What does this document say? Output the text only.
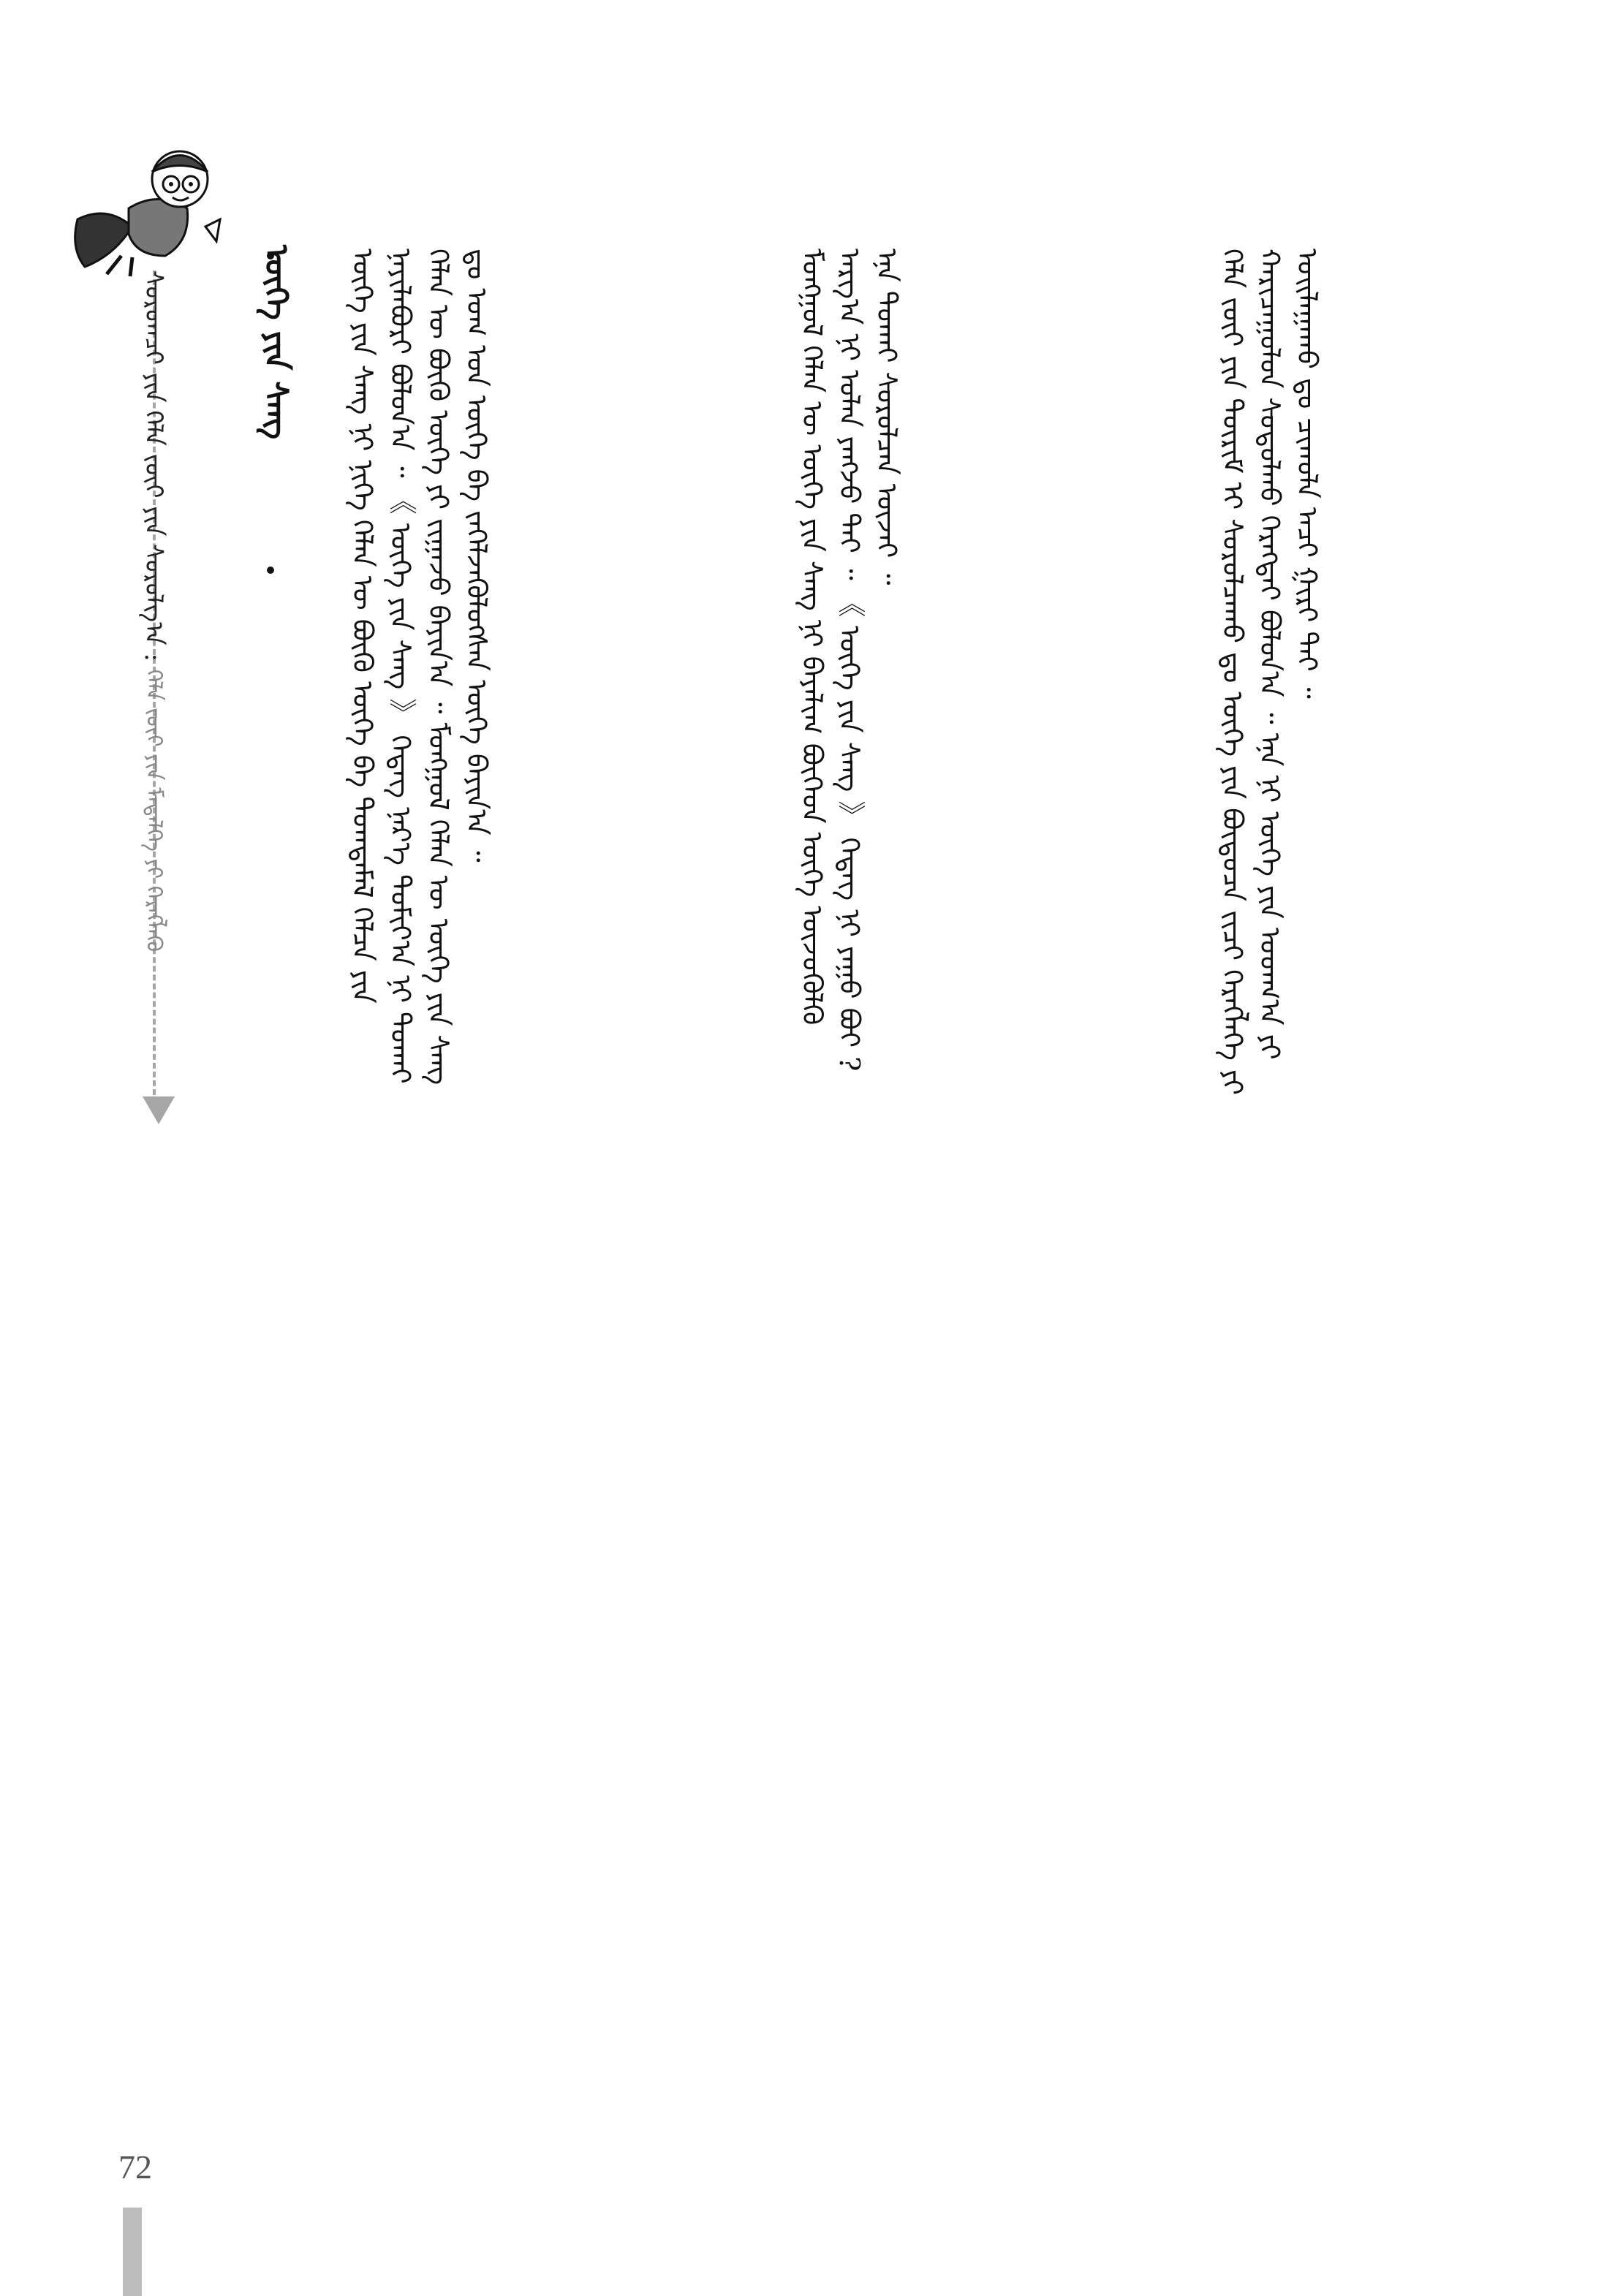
ᠰᠤᠷᠤᠭᠴᠢ ᠶᠢᠨ ᠬᠡᠯᠡ ᠵᠦᠢ ᠶᠢᠨ ᠰᠤᠷᠤᠯᠭ᠎ᠠ : ᠬᠡᠯᠡ ᠵᠦᠢ ᠶᠢᠨ ᠮᠡᠳᠡᠯᠭᠡ ᠶᠢ ᠬᠡᠷᠡᠭᠯᠡᠬᠦ	ᠬᠡᠯᠡ ᠵᠦᠢ ᠶᠢᠨ ᠳᠦᠷᠢᠮ ᠢ ᠰᠤᠷᠤᠯᠴᠠᠬᠤ ᠳᠤ ᠦᠭᠡ ᠶᠢᠨ ᠪᠦᠲᠦᠴᠡ ᠵᠢᠴᠢ ᠬᠡᠷᠡᠭᠯᠡᠭᠡ ᠶᠢ ᠬᠠᠷᠢᠴᠠᠭᠤᠯᠤᠨ ᠰᠤᠳᠤᠯᠬᠤ ᠬᠡᠷᠡᠭᠲᠡᠢ ᠪᠤᠯᠤᠨ᠎ᠠ ᠃ ᠡᠨᠡ ᠨᠢ ᠦᠭᠡ ᠶᠢᠨ ᠤᠳᠬ᠎ᠠ ᠶᠢ ᠣᠢᠯᠠᠭᠠᠬᠤ ᠳᠤ ᠴᠢᠬᠤᠯᠠ ᠠᠴᠢ ᠬ᠋ᠢᠷᠢ ᠲᠠᠢ ᠃
ᠮᠣᠩᠭᠣᠯ ᠬᠡᠯᠡᠨ ᠦ ᠦᠭᠡ ᠶᠢᠨ ᠰᠠᠩ ᠨᠢ ᠪᠠᠶᠠᠯᠢᠭ ᠪᠥᠭᠡᠳ ᠦᠭᠡ ᠦᠵᠦᠭᠦᠯᠬᠦ ᠠᠷᠭ᠎ᠠ ᠨᠢ ᠣᠯᠠᠨ ᠶᠠᠩᠵᠤ ᠲᠠᠢ ᠃ 《 ᠦᠭᠡ ᠶᠢᠨ ᠰᠠᠩ 》 ᠭᠡᠳᠡᠭ ᠨᠢ ᠶᠠᠭᠤ ᠪᠤᠢ ? ᠡᠨᠡ ᠲᠤᠬᠠᠢ ᠰᠤᠷᠤᠯᠴᠠᠨ ᠦᠵᠡᠶ ᠃
ᠦᠭᠡ ᠶᠢᠨ ᠰᠠᠩ ᠨᠢ ᠨᠢᠭᠡ ᠬᠡᠯᠡᠨ ᠦ ᠪᠦᠬᠦ ᠦᠭᠡ ᠪᠠ ᠲᠤᠭᠲᠠᠮᠠᠯ ᠬᠡᠯᠴᠡ ᠶᠢᠨ ᠨᠡᠶᠢᠯᠡᠪᠦᠷᠢ ᠪᠣᠯᠤᠨ᠎ᠠ ᠃ 《 ᠦᠭᠡ ᠶᠢᠨ ᠰᠠᠩ 》 ᠭᠡᠳᠡᠭ ᠨᠡᠷ᠎ᠡ ᠲᠣᠮᠢᠶ᠎ᠠ ᠨᠢ ᠲᠤᠬᠠᠢ ᠬᠡᠯᠡᠨ ᠦ ᠪᠦᠬᠦ ᠦᠭᠡ ᠶᠢ ᠵᠢᠭᠠᠵᠤ ᠪᠠᠶᠢᠨ᠎ᠠ ᠃ ᠮᠣᠩᠭᠣᠯ ᠬᠡᠯᠡᠨ ᠦ ᠦᠭᠡ ᠶᠢᠨ ᠰᠠᠩ ᠳᠤ ᠤᠭ ᠤᠨ ᠦᠭᠡ ᠪᠠ ᠵᠡᠭᠡᠯᠵᠡᠭᠦᠯᠦᠭᠰᠡᠨ ᠦᠭᠡ ᠪᠠᠶᠢᠨ᠎ᠠ ᠃
ᠦᠭᠡ ᠶᠢᠨ ᠰᠠᠩ
72
